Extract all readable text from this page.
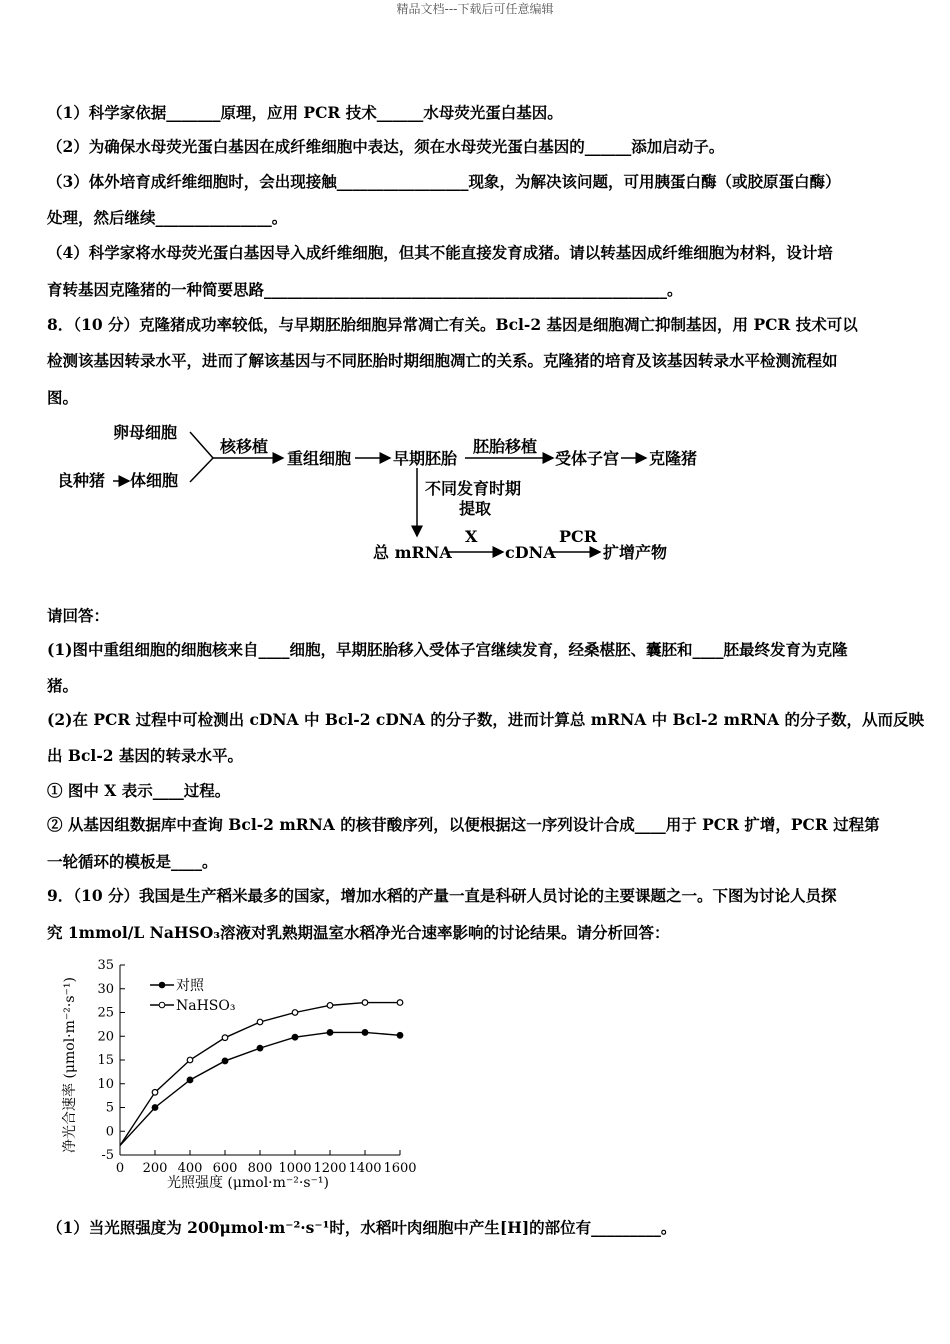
精品文档---下载后可任意编辑
（1）科学家依据_______原理，应用 PCR 技术______水母荧光蛋白基因。
（2）为确保水母荧光蛋白基因在成纤维细胞中表达，须在水母荧光蛋白基因的______添加启动子。
（3）体外培育成纤维细胞时，会出现接触_________________现象，为解决该问题，可用胰蛋白酶（或胶原蛋白酶）
处理，然后继续_______________。
（4）科学家将水母荧光蛋白基因导入成纤维细胞，但其不能直接发育成猪。请以转基因成纤维细胞为材料，设计培
育转基因克隆猪的一种简要思路____________________________________________________。
8．（10 分）克隆猪成功率较低，与早期胚胎细胞异常凋亡有关。Bcl-2 基因是细胞凋亡抑制基因，用 PCR 技术可以
检测该基因转录水平，进而了解该基因与不同胚胎时期细胞凋亡的关系。克隆猪的培育及该基因转录水平检测流程如
图。
卵母细胞
良种猪 体细胞
核移植
重组细胞	早期胚胎
胚胎移植
受体子宫 克隆猪
不同发育时期
提取
总 mRNA
X
cDNA
PCR
扩增产物
请回答：
(1)图中重组细胞的细胞核来自____细胞，早期胚胎移入受体子宫继续发育，经桑椹胚、囊胚和____胚最终发育为克隆
猪。
(2)在 PCR 过程中可检测出 cDNA 中 Bcl-2 cDNA 的分子数，进而计算总 mRNA 中 Bcl-2 mRNA 的分子数，从而反映
出 Bcl-2 基因的转录水平。
① 图中 X 表示____过程。
② 从基因组数据库中查询 Bcl-2 mRNA 的核苷酸序列，以便根据这一序列设计合成____用于 PCR 扩增，PCR 过程第
一轮循环的模板是____。
9．（10 分）我国是生产稻米最多的国家，增加水稻的产量一直是科研人员讨论的主要课题之一。下图为讨论人员探
究 1mmol/L NaHSO₃溶液对乳熟期温室水稻净光合速率影响的讨论结果。请分析回答：
-5
0
5
10
15
20
25
30
35
0 200 400 600 800 1000 1200 1400 1600
对照
NaHSO₃
光照强度 (μmol·m⁻²·s⁻¹)
净光合速率 (μmol·m⁻²·s⁻¹)
（1）当光照强度为 200μmol·m⁻²·s⁻¹时，水稻叶肉细胞中产生[H]的部位有_________。
